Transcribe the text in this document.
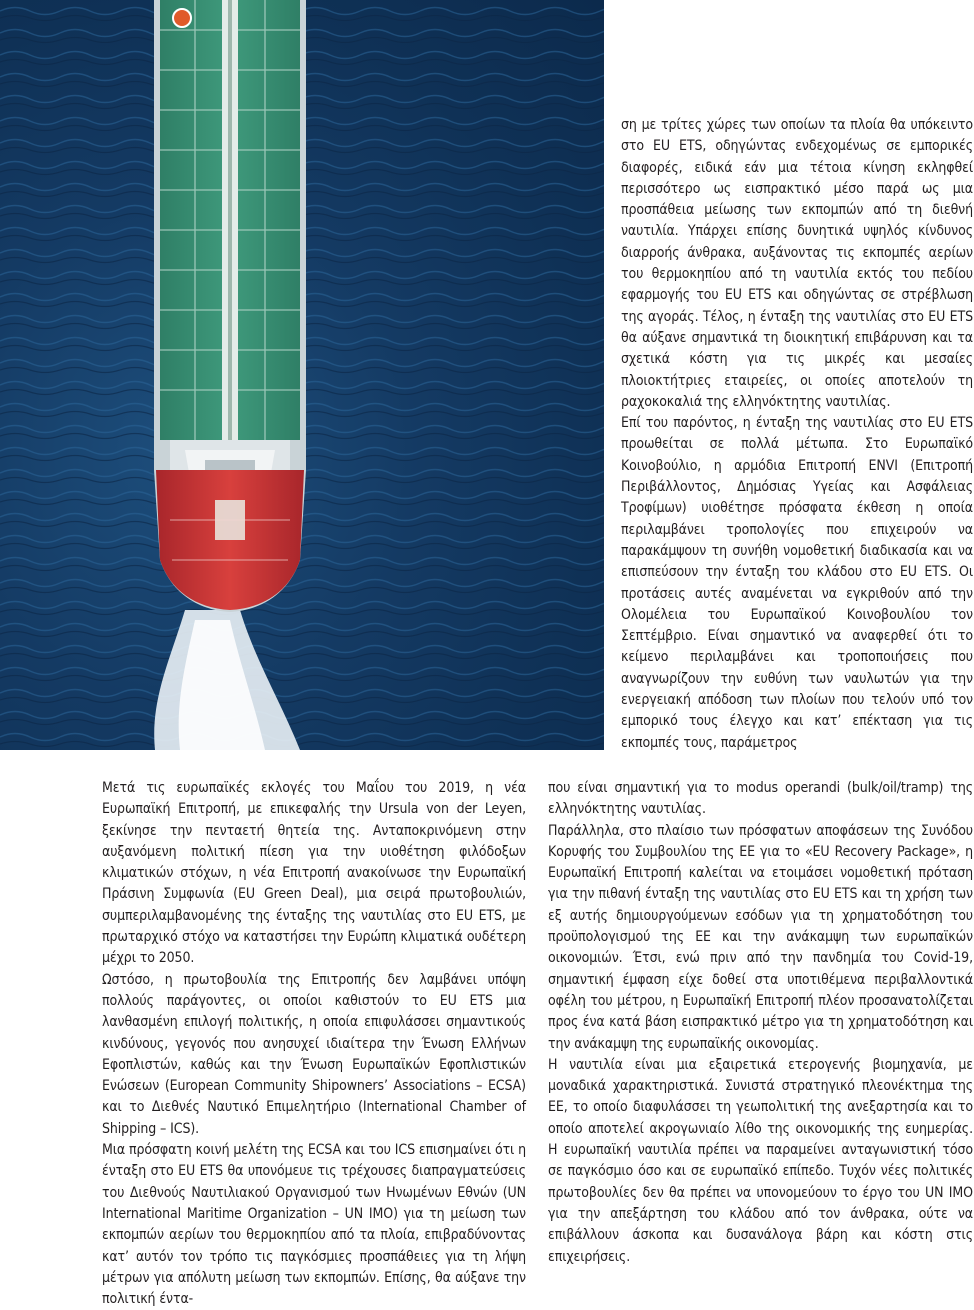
ση με τρίτες χώρες των οποίων τα πλοία θα υπόκειντο στο EU ETS, οδηγώντας ενδεχομένως σε εμπορικές διαφορές, ειδικά εάν μια τέτοια κίνηση εκληφθεί περισσότερο ως εισπρακτικό μέσο παρά ως μια προσπάθεια μείωσης των εκπομπών από τη διεθνή ναυτιλία. Υπάρχει επίσης δυνητικά υψηλός κίνδυνος διαρροής άνθρακα, αυξάνοντας τις εκπομπές αερίων του θερμοκηπίου από τη ναυτιλία εκτός του πεδίου εφαρμογής του EU ETS και οδηγώντας σε στρέβλωση της αγοράς. Τέλος, η ένταξη της ναυτιλίας στο EU ETS θα αύξανε σημαντικά τη διοικητική επιβάρυνση και τα σχετικά κόστη για τις μικρές και μεσαίες πλοιοκτήτριες εταιρείες, οι οποίες αποτελούν τη ραχοκοκαλιά της ελληνόκτητης ναυτιλίας.

Επί του παρόντος, η ένταξη της ναυτιλίας στο EU ETS προωθείται σε πολλά μέτωπα. Στο Ευρωπαϊκό Κοινοβούλιο, η αρμόδια Επιτροπή ENVI (Επιτροπή Περιβάλλοντος, Δημόσιας Υγείας και Ασφάλειας Τροφίμων) υιοθέτησε πρόσφατα έκθεση η οποία περιλαμβάνει τροπολογίες που επιχειρούν να παρακάμψουν τη συνήθη νομοθετική διαδικασία και να επισπεύσουν την ένταξη του κλάδου στο EU ETS. Οι προτάσεις αυτές αναμένεται να εγκριθούν από την Ολομέλεια του Ευρωπαϊκού Κοινοβουλίου τον Σεπτέμβριο. Είναι σημαντικό να αναφερθεί ότι το κείμενο περιλαμβάνει και τροποποιήσεις που αναγνωρίζουν την ευθύνη των ναυλωτών για την ενεργειακή απόδοση των πλοίων που τελούν υπό τον εμπορικό τους έλεγχο και κατ’ επέκταση για τις εκπομπές τους, παράμετρος

Μετά τις ευρωπαϊκές εκλογές του Μαΐου του 2019, η νέα Ευρωπαϊκή Επιτροπή, με επικεφαλής την Ursula von der Leyen, ξεκίνησε την πενταετή θητεία της. Ανταποκρινόμενη στην αυξανόμενη πολιτική πίεση για την υιοθέτηση φιλόδοξων κλιματικών στόχων, η νέα Επιτροπή ανακοίνωσε την Ευρωπαϊκή Πράσινη Συμφωνία (EU Green Deal), μια σειρά πρωτοβουλιών, συμπεριλαμβανομένης της ένταξης της ναυτιλίας στο EU ETS, με πρωταρχικό στόχο να καταστήσει την Ευρώπη κλιματικά ουδέτερη μέχρι το 2050.

Ωστόσο, η πρωτοβουλία της Επιτροπής δεν λαμβάνει υπόψη πολλούς παράγοντες, οι οποίοι καθιστούν το EU ETS μια λανθασμένη επιλογή πολιτικής, η οποία επιφυλάσσει σημαντικούς κινδύνους, γεγονός που ανησυχεί ιδιαίτερα την Ένωση Ελλήνων Εφοπλιστών, καθώς και την Ένωση Ευρωπαϊκών Εφοπλιστικών Ενώσεων (European Community Shipowners’ Associations – ECSA) και το Διεθνές Ναυτικό Επιμελητήριο (International Chamber of Shipping – ICS).

Μια πρόσφατη κοινή μελέτη της ECSA και του ICS επισημαίνει ότι η ένταξη στο EU ETS θα υπονόμευε τις τρέχουσες διαπραγματεύσεις του Διεθνούς Ναυτιλιακού Οργανισμού των Ηνωμένων Εθνών (UN International Maritime Organization – UN IMO) για τη μείωση των εκπομπών αερίων του θερμοκηπίου από τα πλοία, επιβραδύνοντας κατ’ αυτόν τον τρόπο τις παγκόσμιες προσπάθειες για τη λήψη μέτρων για απόλυτη μείωση των εκπομπών. Επίσης, θα αύξανε την πολιτική έντα-

που είναι σημαντική για το modus operandi (bulk/oil/tramp) της ελληνόκτητης ναυτιλίας.

Παράλληλα, στο πλαίσιο των πρόσφατων αποφάσεων της Συνόδου Κορυφής του Συμβουλίου της ΕΕ για το «EU Recovery Package», η Ευρωπαϊκή Επιτροπή καλείται να ετοιμάσει νομοθετική πρόταση για την πιθανή ένταξη της ναυτιλίας στο EU ETS και τη χρήση των εξ αυτής δημιουργούμενων εσόδων για τη χρηματοδότηση του προϋπολογισμού της ΕΕ και την ανάκαμψη των ευρωπαϊκών οικονομιών. Έτσι, ενώ πριν από την πανδημία του Covid-19, σημαντική έμφαση είχε δοθεί στα υποτιθέμενα περιβαλλοντικά οφέλη του μέτρου, η Ευρωπαϊκή Επιτροπή πλέον προσανατολίζεται προς ένα κατά βάση εισπρακτικό μέτρο για τη χρηματοδότηση και την ανάκαμψη της ευρωπαϊκής οικονομίας.

Η ναυτιλία είναι μια εξαιρετικά ετερογενής βιομηχανία, με μοναδικά χαρακτηριστικά. Συνιστά στρατηγικό πλεονέκτημα της ΕΕ, το οποίο διαφυλάσσει τη γεωπολιτική της ανεξαρτησία και το οποίο αποτελεί ακρογωνιαίο λίθο της οικονομικής της ευημερίας. Η ευρωπαϊκή ναυτιλία πρέπει να παραμείνει ανταγωνιστική τόσο σε παγκόσμιο όσο και σε ευρωπαϊκό επίπεδο. Τυχόν νέες πολιτικές πρωτοβουλίες δεν θα πρέπει να υπονομεύουν το έργο του UN IMO για την απεξάρτηση του κλάδου από τον άνθρακα, ούτε να επιβάλλουν άσκοπα και δυσανάλογα βάρη και κόστη στις επιχειρήσεις.
